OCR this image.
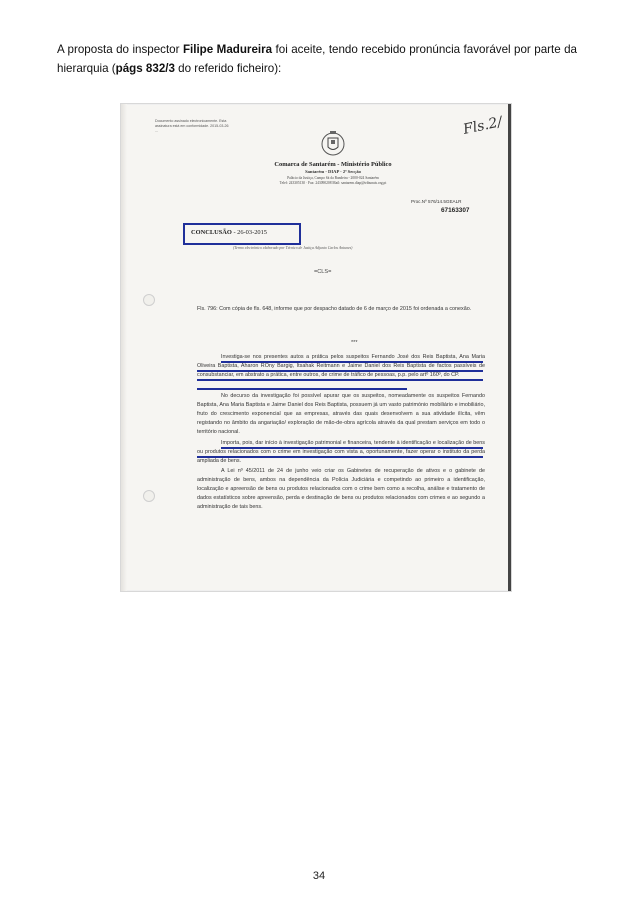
A proposta do inspector Filipe Madureira foi aceite, tendo recebido pronúncia favorável por parte da hierarquia (págs 832/3 do referido ficheiro):
Documento assinado electronicamente. Esta assinatura está em conformidade. 2015-03-26 ...	Fls.2/
Comarca de Santarém - Ministério Público
Santarém - DIAP - 2ª Secção
Palácio da Justiça, Campo Sá da Bandeira - 2000-024 Santarém
Telef: 243305130 · Fax: 243090208 Mail: santarem.diap@tribunais.org.pt
Proc.Nº 576/14.5GEALR
67163307
CONCLUSÃO - 26-03-2015
(Termo electrónico elaborado por Técnico de Justiça Adjunto Carlos Antunes)
=CLS=
Fls. 796: Com cópia de fls. 648, informe que por despacho datado de 6 de março de 2015 foi ordenada a conexão.
***
Investiga-se nos presentes autos a prática pelos suspeitos Fernando José dos Reis Baptista, Ana Maria Oliveira Baptista, Aharon ROny Bargig, Itsahak Reitmann e Jaime Daniel dos Reis Baptista de factos passíveis de consubstanciar, em abstrato a prática, entre outros, de crime de tráfico de pessoas, p.p. pelo artº 160º, do CP.
No decurso da investigação foi possível apurar que os suspeitos, nomeadamente os suspeitos Fernando Baptista, Ana Maria Baptista e Jaime Daniel dos Reis Baptista, possuem já um vasto património mobiliário e imobiliário, fruto do crescimento exponencial que as empresas, através das quais desenvolvem a sua atividade ilícita, vêm registando no âmbito da angariação/ exploração de mão-de-obra agrícola através da qual prestam serviços em todo o território nacional.
Importa, pois, dar início à investigação patrimonial e financeira, tendente à identificação e localização de bens ou produtos relacionados com o crime em investigação com vista a, oportunamente, fazer operar o instituto da perda ampliada de bens.
A Lei nº 45/2011 de 24 de junho veio criar os Gabinetes de recuperação de ativos e o gabinete de administração de bens, ambos na dependência da Polícia Judiciária e competindo ao primeiro a identificação, localização e apreensão de bens ou produtos relacionados com o crime bem como a recolha, análise e tratamento de dados estatísticos sobre apreensão, perda e destinação de bens ou produtos relacionados com crimes e ao segundo a administração de tais bens.
34
